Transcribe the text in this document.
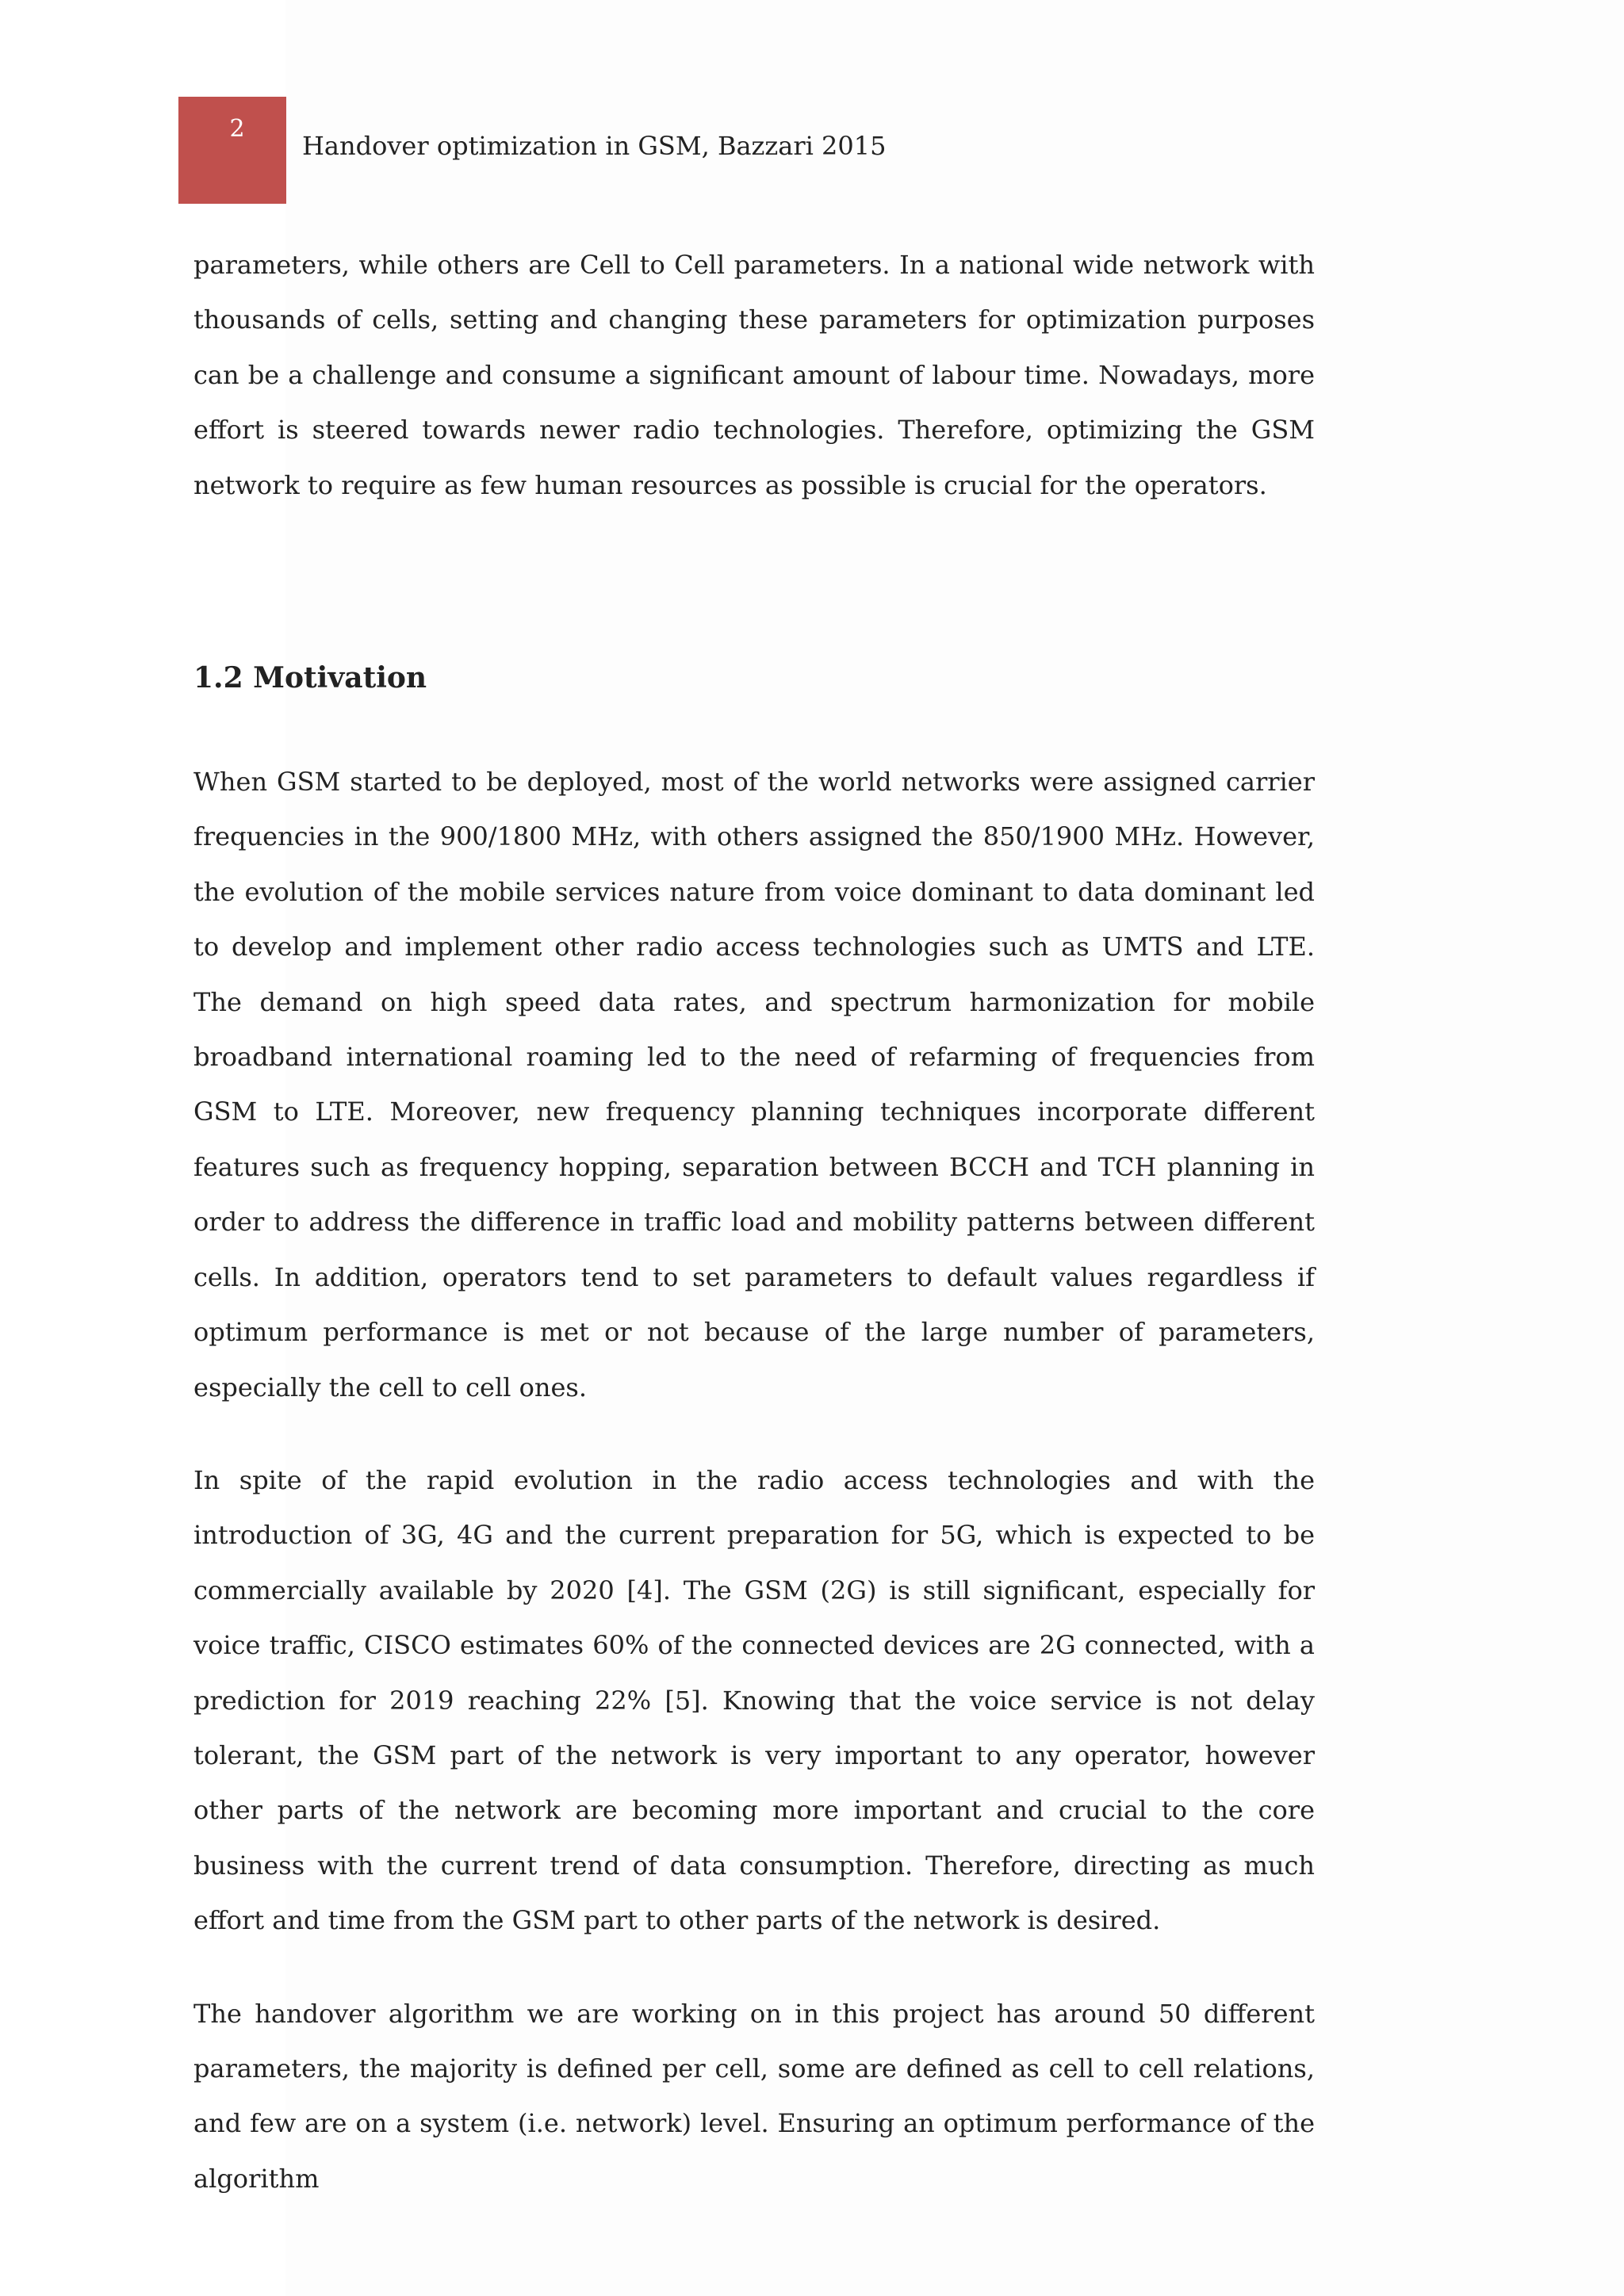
2
Handover optimization in GSM, Bazzari 2015

parameters, while others are Cell to Cell parameters. In a national wide network with thousands of cells, setting and changing these parameters for optimization purposes can be a challenge and consume a significant amount of labour time. Nowadays, more effort is steered towards newer radio technologies. Therefore, optimizing the GSM network to require as few human resources as possible is crucial for the operators.

1.2 Motivation

When GSM started to be deployed, most of the world networks were assigned carrier frequencies in the 900/1800 MHz, with others assigned the 850/1900 MHz. However, the evolution of the mobile services nature from voice dominant to data dominant led to develop and implement other radio access technologies such as UMTS and LTE. The demand on high speed data rates, and spectrum harmonization for mobile broadband international roaming led to the need of refarming of frequencies from GSM to LTE. Moreover, new frequency planning techniques incorporate different features such as frequency hopping, separation between BCCH and TCH planning in order to address the difference in traffic load and mobility patterns between different cells. In addition, operators tend to set parameters to default values regardless if optimum performance is met or not because of the large number of parameters, especially the cell to cell ones.

In spite of the rapid evolution in the radio access technologies and with the introduction of 3G, 4G and the current preparation for 5G, which is expected to be commercially available by 2020 [4]. The GSM (2G) is still significant, especially for voice traffic, CISCO estimates 60% of the connected devices are 2G connected, with a prediction for 2019 reaching 22% [5]. Knowing that the voice service is not delay tolerant, the GSM part of the network is very important to any operator, however other parts of the network are becoming more important and crucial to the core business with the current trend of data consumption. Therefore, directing as much effort and time from the GSM part to other parts of the network is desired.

The handover algorithm we are working on in this project has around 50 different parameters, the majority is defined per cell, some are defined as cell to cell relations, and few are on a system (i.e. network) level. Ensuring an optimum performance of the algorithm
